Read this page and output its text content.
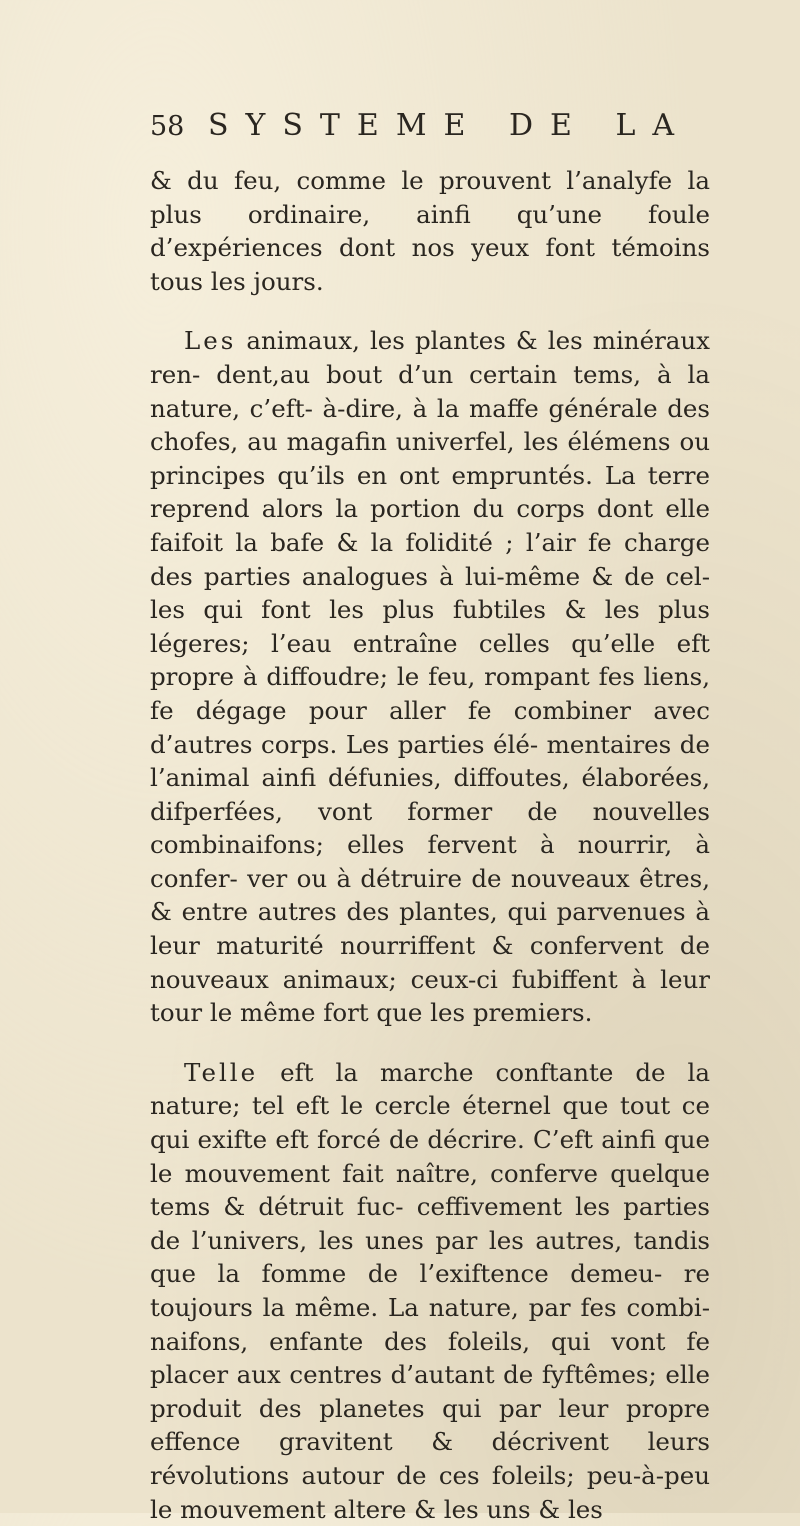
58 SYSTEME DE LA

& du feu, comme le prouvent l’analyfe la plus ordinaire, ainfi qu’une foule d’expériences dont nos yeux font témoins tous les jours.

Les animaux, les plantes & les minéraux ren- dent,au bout d’un certain tems, à la nature, c’eft- à-dire, à la maffe générale des chofes, au magafin univerfel, les élémens ou principes qu’ils en ont empruntés. La terre reprend alors la portion du corps dont elle faifoit la bafe & la folidité ; l’air fe charge des parties analogues à lui-même & de cel- les qui font les plus fubtiles & les plus légeres; l’eau entraîne celles qu’elle eft propre à diffoudre; le feu, rompant fes liens, fe dégage pour aller fe combiner avec d’autres corps. Les parties élé- mentaires de l’animal ainfi défunies, diffoutes, élaborées, difperfées, vont former de nouvelles combinaifons; elles fervent à nourrir, à confer- ver ou à détruire de nouveaux êtres, & entre autres des plantes, qui parvenues à leur maturité nourriffent & confervent de nouveaux animaux; ceux-ci fubiffent à leur tour le même fort que les premiers.

Telle eft la marche conftante de la nature; tel eft le cercle éternel que tout ce qui exifte eft forcé de décrire. C’eft ainfi que le mouvement fait naître, conferve quelque tems & détruit fuc- ceffivement les parties de l’univers, les unes par les autres, tandis que la fomme de l’exiftence demeu- re toujours la même. La nature, par fes combi- naifons, enfante des foleils, qui vont fe placer aux centres d’autant de fyftêmes; elle produit des planetes qui par leur propre effence gravitent & décrivent leurs révolutions autour de ces foleils; peu-à-peu le mouvement altere & les uns & les
